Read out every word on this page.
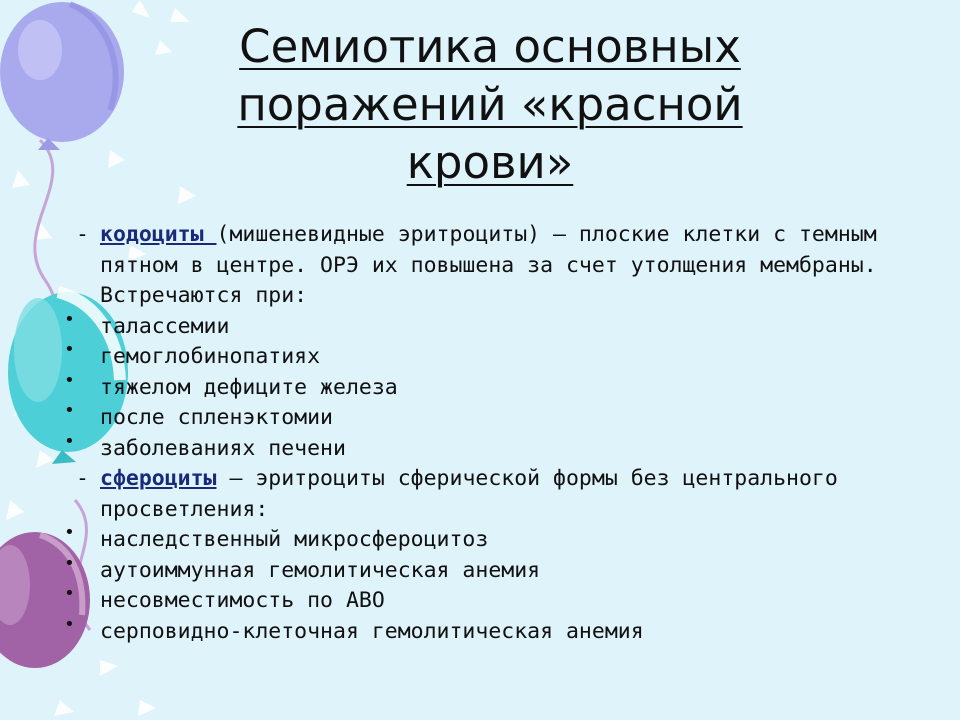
Семиотика основных
поражений «красной
крови»

- кодоциты (мишеневидные эритроциты) – плоские клетки с темным пятном в центре. ОРЭ их повышена за счет утолщения мембраны. Встречаются при:

• талассемии
• гемоглобинопатиях
• тяжелом дефиците железа
• после спленэктомии
• заболеваниях печени

- сфероциты – эритроциты сферической формы без центрального просветления:

• наследственный микросфероцитоз
• аутоиммунная гемолитическая анемия
• несовместимость по АВО
• серповидно-клеточная гемолитическая анемия
